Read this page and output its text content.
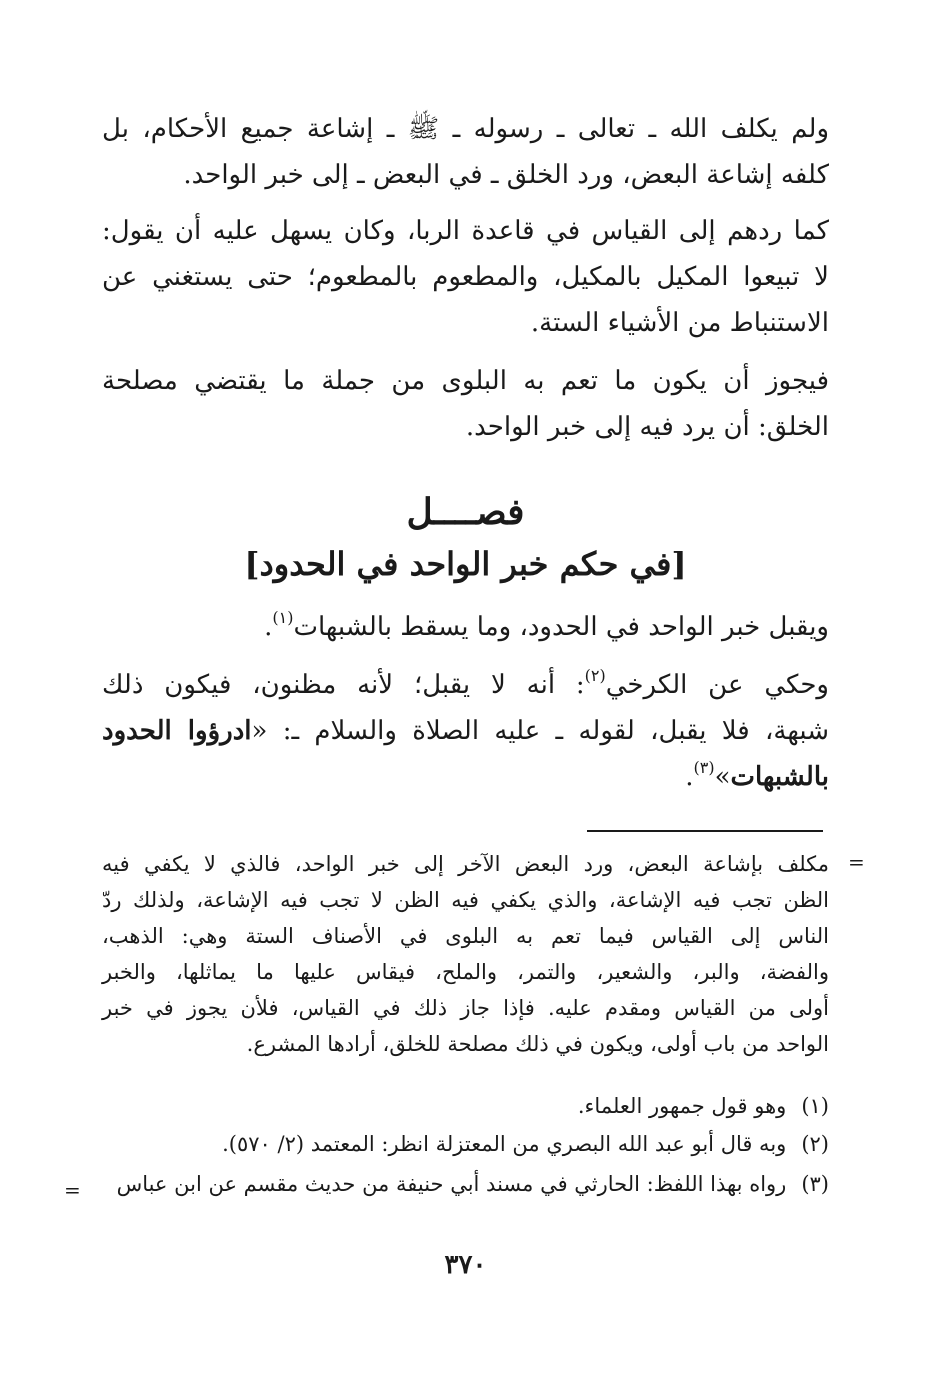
ولم يكلف الله ـ تعالى ـ رسوله ـ ﷺ ـ إشاعة جميع الأحكام، بل
كلفه إشاعة البعض، ورد الخلق ـ في البعض ـ إلى خبر الواحد.
كما ردهم إلى القياس في قاعدة الربا، وكان يسهل عليه أن يقول:
لا تبيعوا المكيل بالمكيل، والمطعوم بالمطعوم؛ حتى يستغني عن
الاستنباط من الأشياء الستة.
فيجوز أن يكون ما تعم به البلوى من جملة ما يقتضي مصلحة
الخلق: أن يرد فيه إلى خبر الواحد.
فصــــل
[في حكم خبر الواحد في الحدود]
ويقبل خبر الواحد في الحدود، وما يسقط بالشبهات$^{(١)}$.
وحكي عن الكرخي$^{(٢)}$: أنه لا يقبل؛ لأنه مظنون، فيكون ذلك
شبهة، فلا يقبل، لقوله ـ عليه الصلاة والسلام ـ: «ادرؤوا الحدود
بالشبهات»$^{(٣)}$.
=
مكلف بإشاعة البعض، ورد البعض الآخر إلى خبر الواحد، فالذي لا يكفي فيه
الظن تجب فيه الإشاعة، والذي يكفي فيه الظن لا تجب فيه الإشاعة، ولذلك ردّ
الناس إلى القياس فيما تعم به البلوى في الأصناف الستة وهي: الذهب،
والفضة، والبر، والشعير، والتمر، والملح، فيقاس عليها ما يماثلها، والخبر
أولى من القياس ومقدم عليه. فإذا جاز ذلك في القياس، فلأن يجوز في خبر
الواحد من باب أولى، ويكون في ذلك مصلحة للخلق، أرادها المشرع.
(١) وهو قول جمهور العلماء.
(٢) وبه قال أبو عبد الله البصري من المعتزلة انظر: المعتمد (٢/ ٥٧٠).
(٣) رواه بهذا اللفظ: الحارثي في مسند أبي حنيفة من حديث مقسم عن ابن عباس
=
٣٧٠
